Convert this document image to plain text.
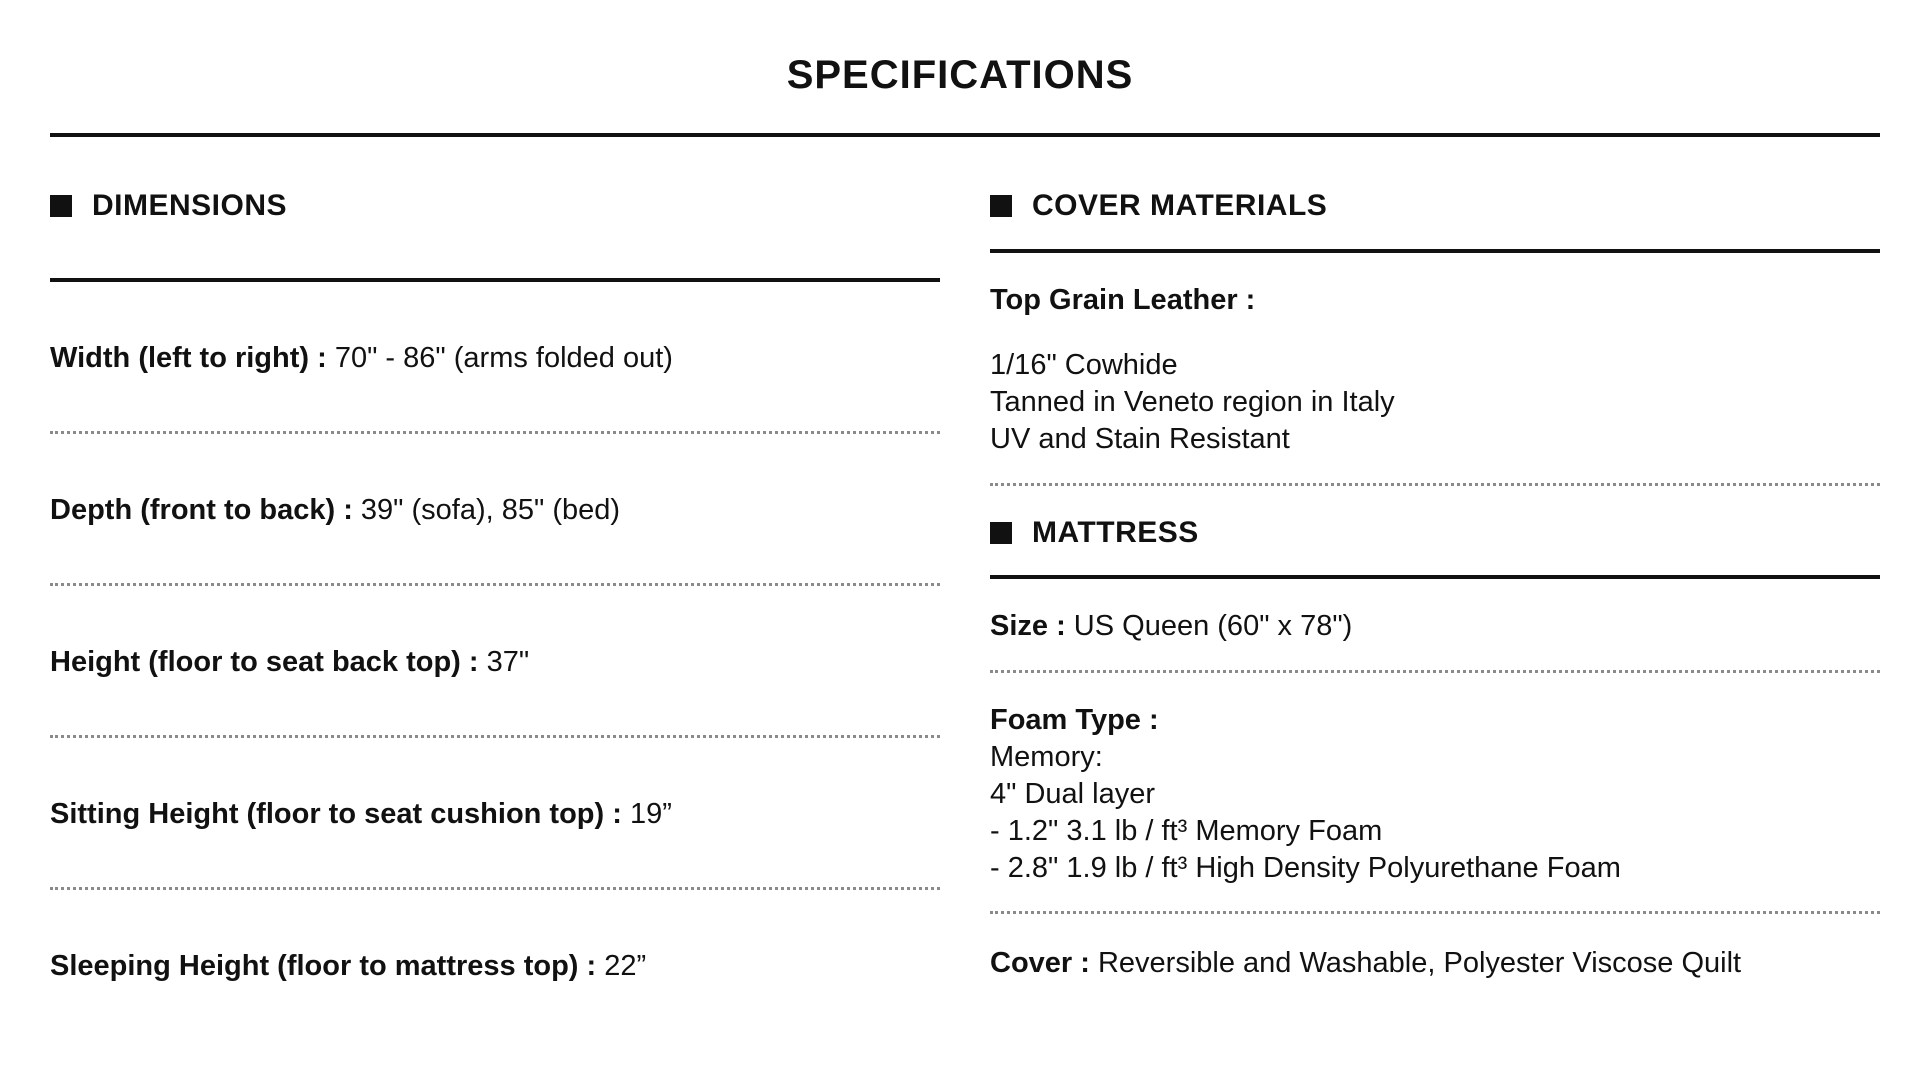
SPECIFICATIONS
DIMENSIONS
Width (left to right) : 70" - 86" (arms folded out)
Depth (front to back) : 39" (sofa), 85" (bed)
Height (floor to seat back top) : 37"
Sitting Height (floor to seat cushion top) : 19”
Sleeping Height (floor to mattress top) : 22”
COVER MATERIALS
Top Grain Leather :
1/16" Cowhide
Tanned in Veneto region in Italy
UV and Stain Resistant
MATTRESS
Size : US Queen (60" x 78")
Foam Type :
Memory:
4" Dual layer
- 1.2" 3.1 lb / ft³ Memory Foam
- 2.8" 1.9 lb / ft³ High Density Polyurethane Foam
Cover : Reversible and Washable, Polyester Viscose Quilt
